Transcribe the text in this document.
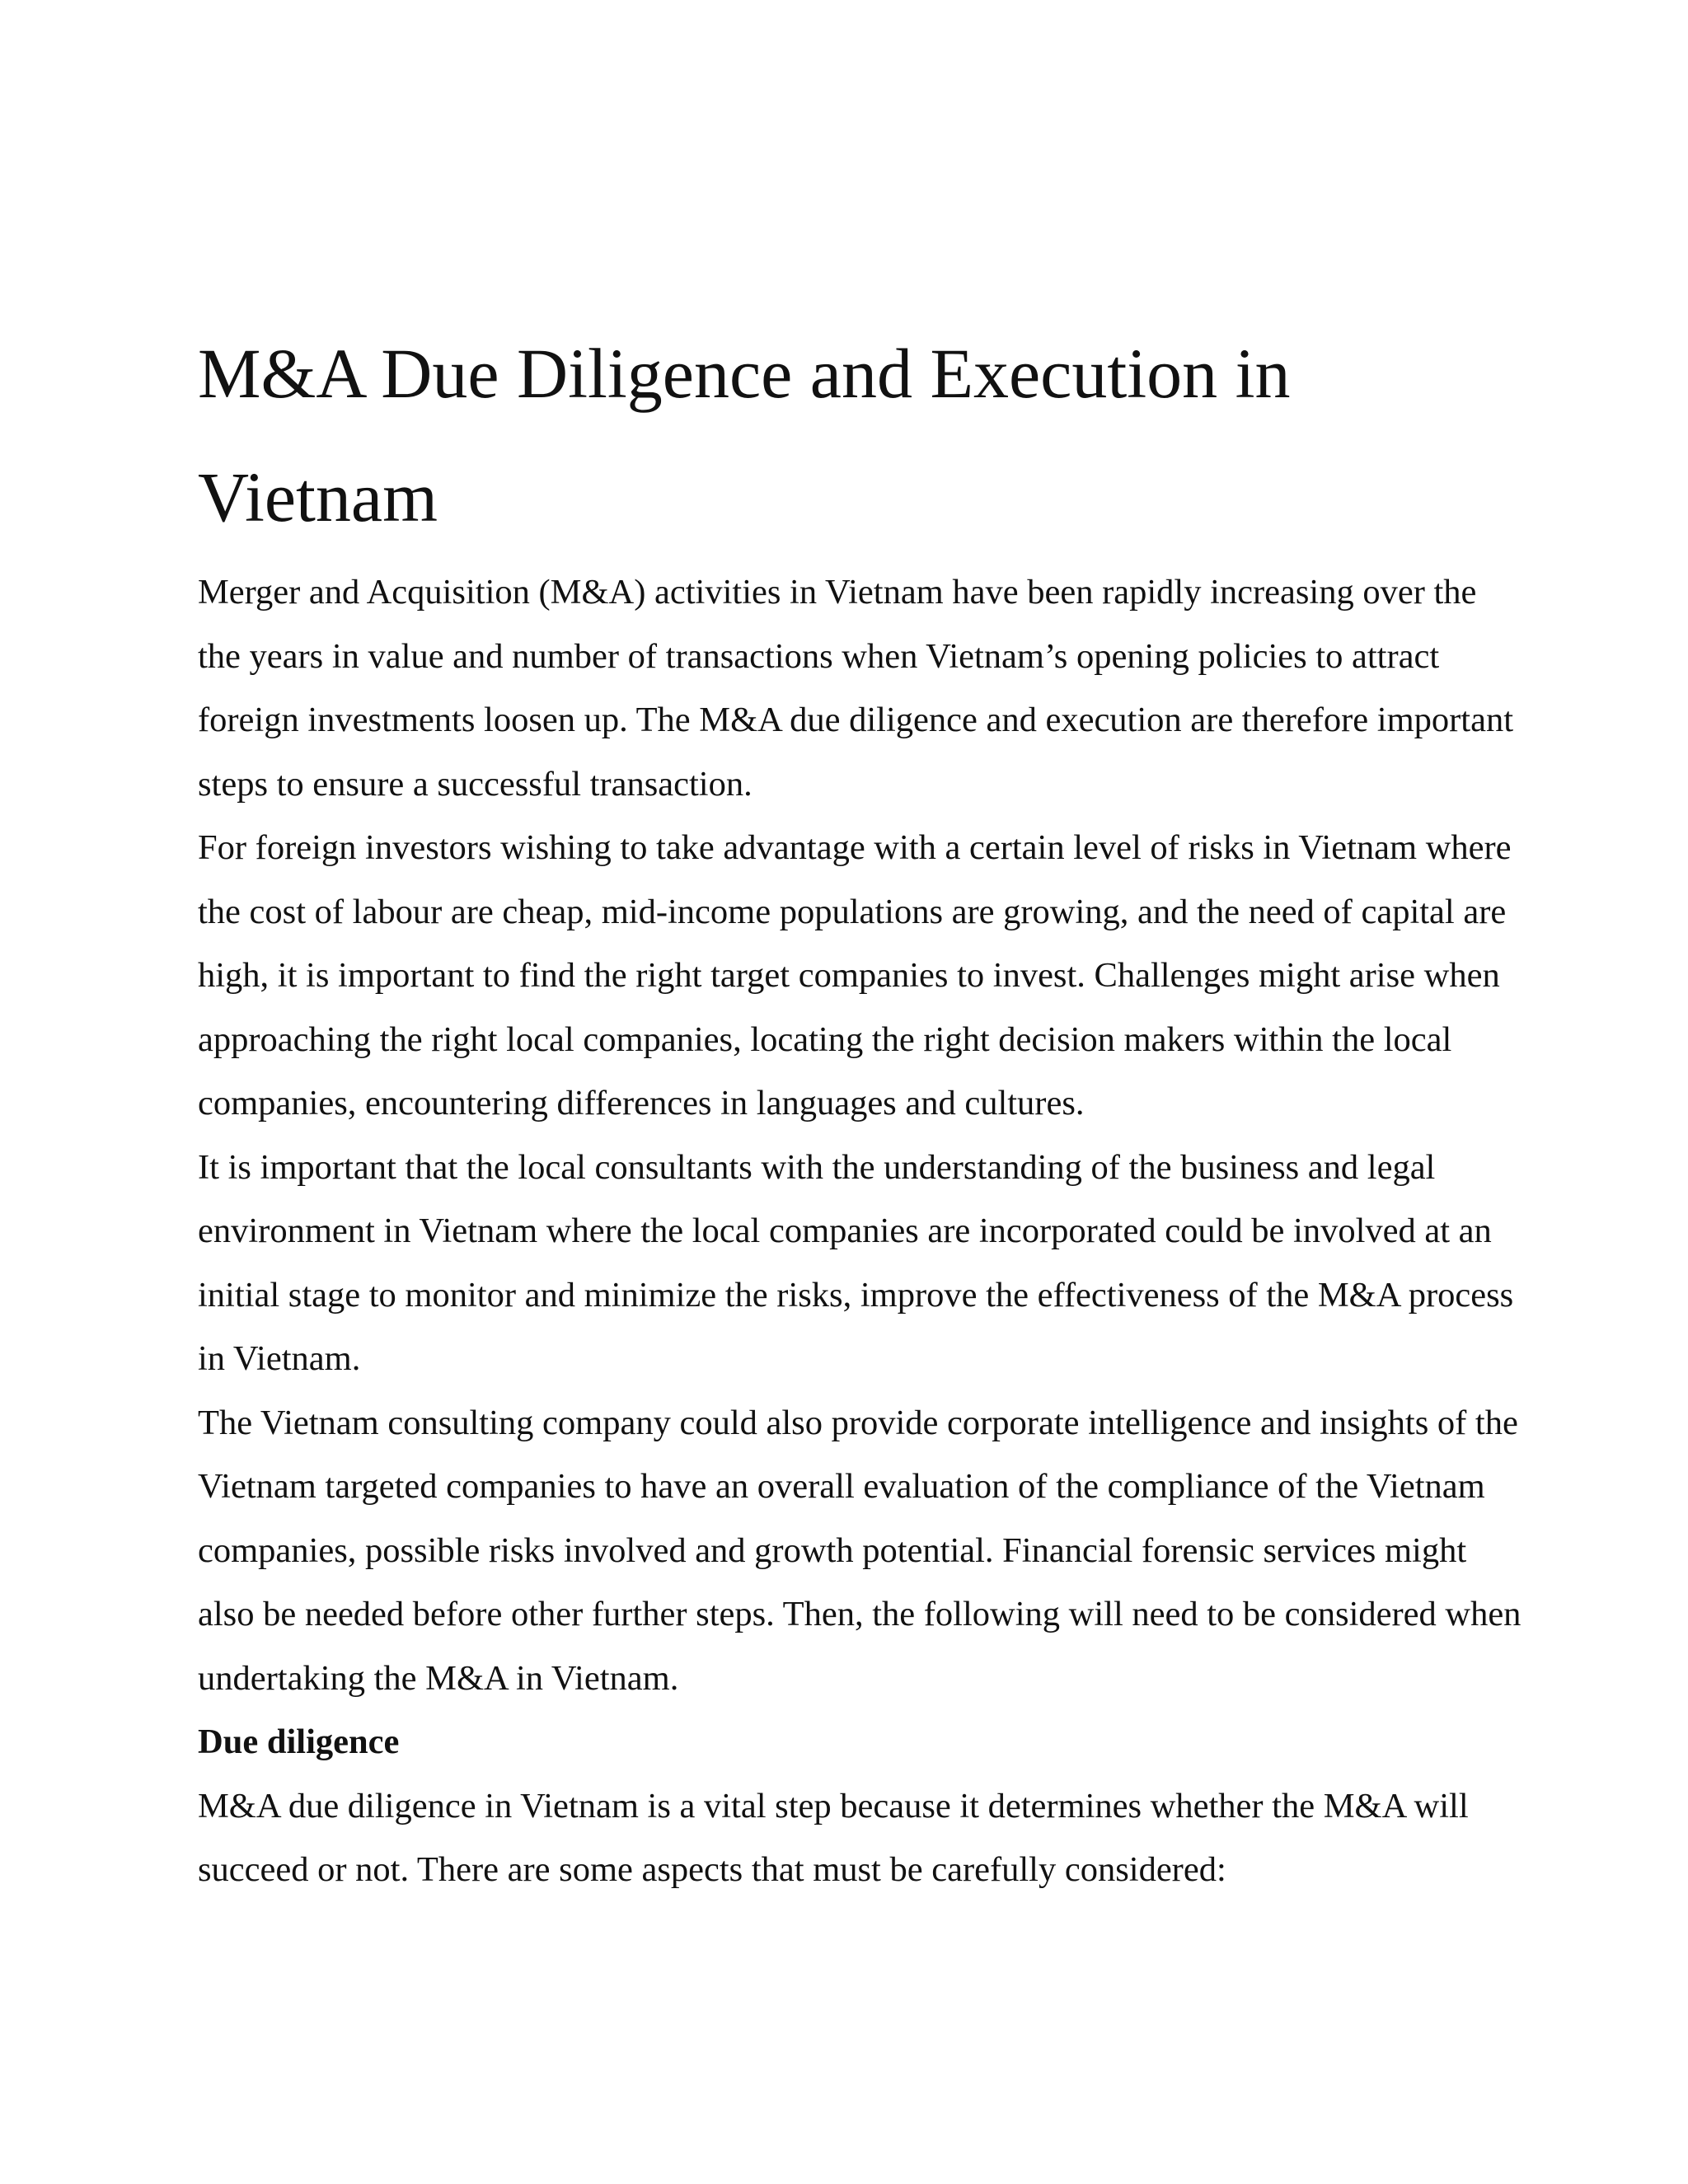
M&A Due Diligence and Execution in Vietnam

Merger and Acquisition (M&A) activities in Vietnam have been rapidly increasing over the the years in value and number of transactions when Vietnam’s opening policies to attract foreign investments loosen up. The M&A due diligence and execution are therefore important steps to ensure a successful transaction.

For foreign investors wishing to take advantage with a certain level of risks in Vietnam where the cost of labour are cheap, mid-income populations are growing, and the need of capital are high, it is important to find the right target companies to invest. Challenges might arise when approaching the right local companies, locating the right decision makers within the local companies, encountering differences in languages and cultures.

It is important that the local consultants with the understanding of the business and legal environment in Vietnam where the local companies are incorporated could be involved at an initial stage to monitor and minimize the risks, improve the effectiveness of the M&A process in Vietnam.

The Vietnam consulting company could also provide corporate intelligence and insights of the Vietnam targeted companies to have an overall evaluation of the compliance of the Vietnam companies, possible risks involved and growth potential. Financial forensic services might also be needed before other further steps. Then, the following will need to be considered when undertaking the M&A in Vietnam.

Due diligence

M&A due diligence in Vietnam is a vital step because it determines whether the M&A will succeed or not. There are some aspects that must be carefully considered:
